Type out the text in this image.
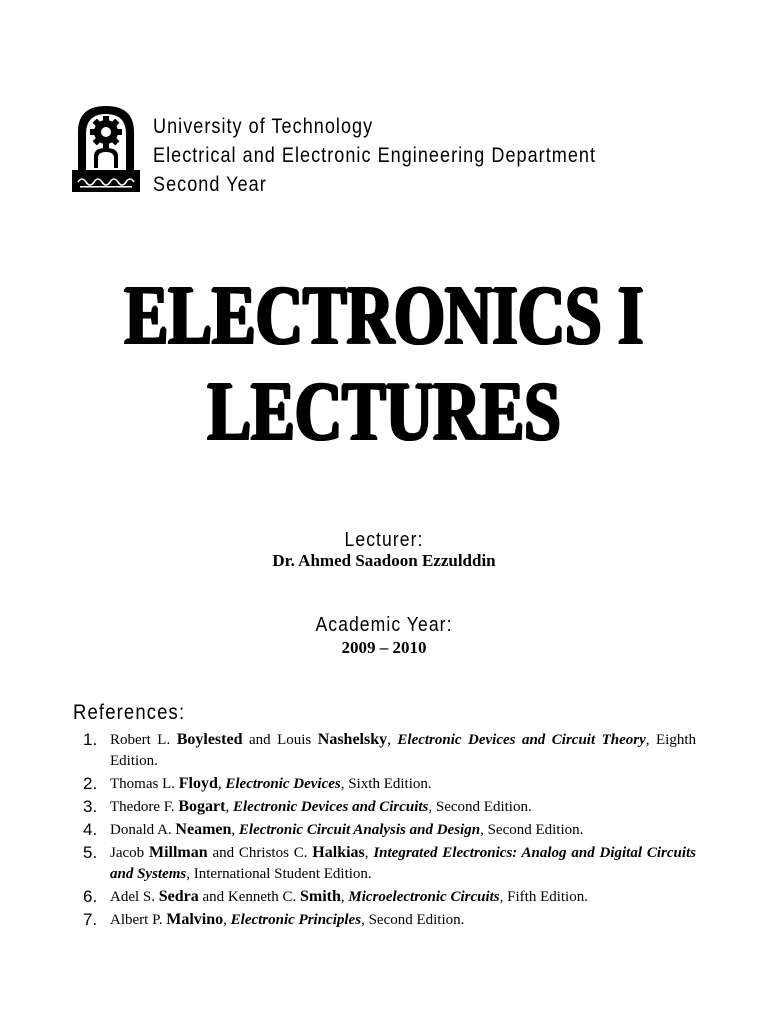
University of Technology
Electrical and Electronic Engineering Department
Second Year
ELECTRONICS I
LECTURES
Lecturer:
Dr. Ahmed Saadoon Ezzulddin
Academic Year:
2009 – 2010
References:
1. Robert L. Boylested and Louis Nashelsky, Electronic Devices and Circuit Theory, Eighth Edition.
2. Thomas L. Floyd, Electronic Devices, Sixth Edition.
3. Thedore F. Bogart, Electronic Devices and Circuits, Second Edition.
4. Donald A. Neamen, Electronic Circuit Analysis and Design, Second Edition.
5. Jacob Millman and Christos C. Halkias, Integrated Electronics: Analog and Digital Circuits and Systems, International Student Edition.
6. Adel S. Sedra and Kenneth C. Smith, Microelectronic Circuits, Fifth Edition.
7. Albert P. Malvino, Electronic Principles, Second Edition.
